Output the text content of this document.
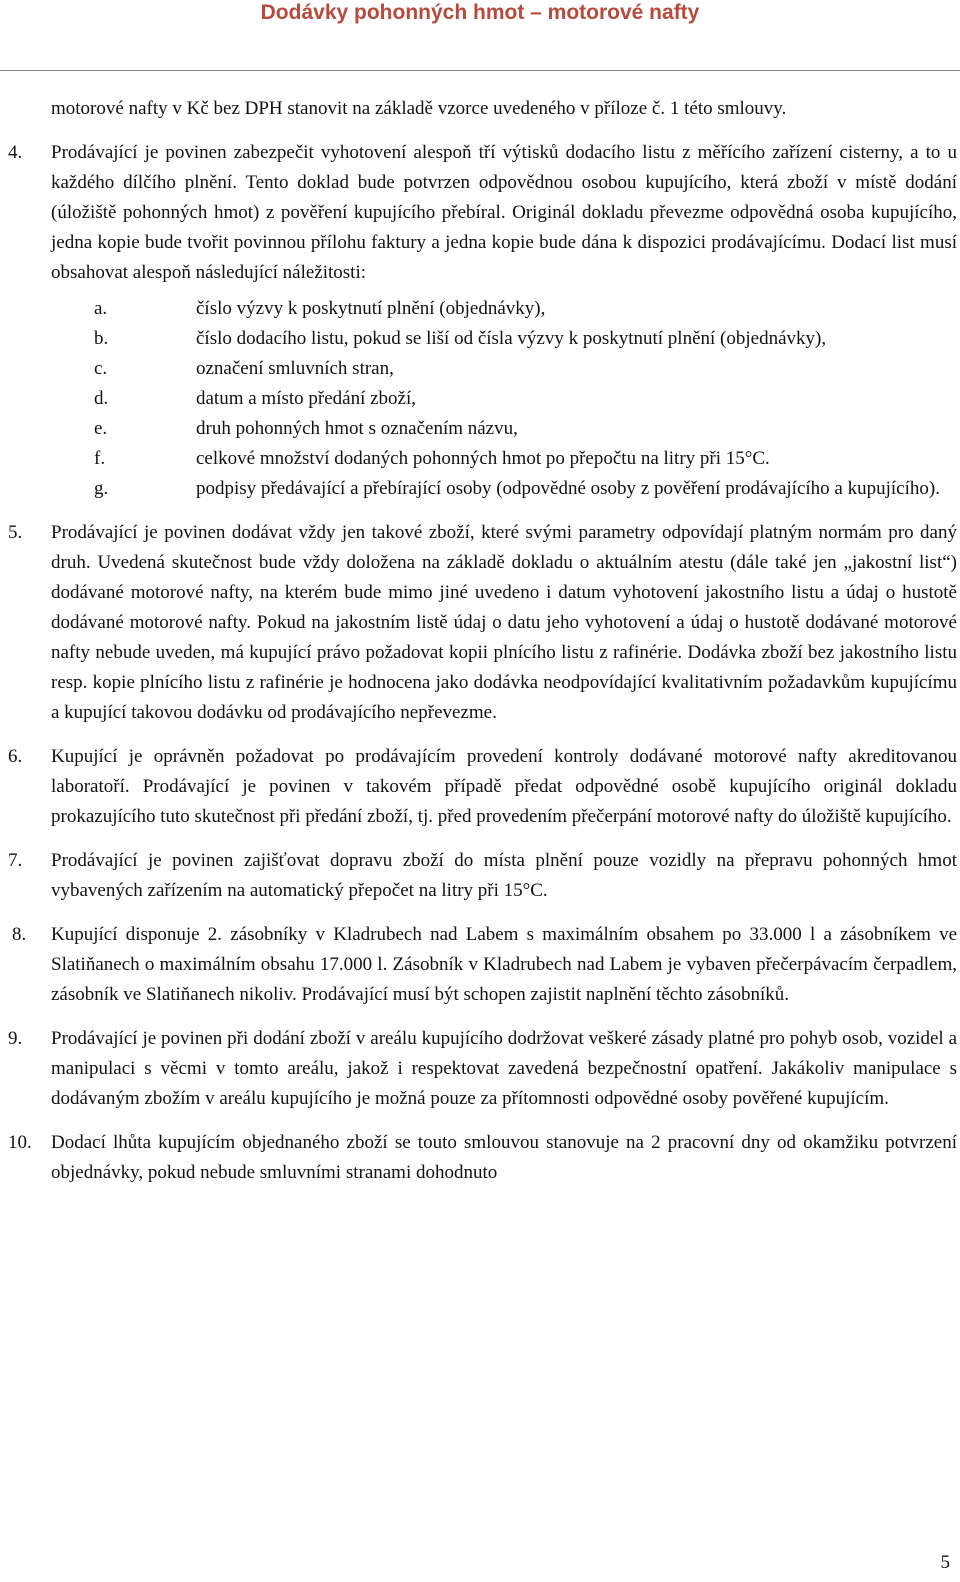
Dodávky pohonných hmot – motorové nafty

motorové nafty v Kč bez DPH stanovit na základě vzorce uvedeného v příloze č. 1 této smlouvy.

4. Prodávající je povinen zabezpečit vyhotovení alespoň tří výtisků dodacího listu z měřícího zařízení cisterny, a to u každého dílčího plnění. Tento doklad bude potvrzen odpovědnou osobou kupujícího, která zboží v místě dodání (úložiště pohonných hmot) z pověření kupujícího přebíral. Originál dokladu převezme odpovědná osoba kupujícího, jedna kopie bude tvořit povinnou přílohu faktury a jedna kopie bude dána k dispozici prodávajícímu. Dodací list musí obsahovat alespoň následující náležitosti:
a.	číslo výzvy k poskytnutí plnění (objednávky),
b.	číslo dodacího listu, pokud se liší od čísla výzvy k poskytnutí plnění (objednávky),
c.	označení smluvních stran,
d.	datum a místo předání zboží,
e.	druh pohonných hmot s označením názvu,
f.	celkové množství dodaných pohonných hmot po přepočtu na litry při 15°C.
g.	podpisy předávající a přebírající osoby (odpovědné osoby z pověření prodávajícího a kupujícího).
5. Prodávající je povinen dodávat vždy jen takové zboží, které svými parametry odpovídají platným normám pro daný druh. Uvedená skutečnost bude vždy doložena na základě dokladu o aktuálním atestu (dále také jen „jakostní list“) dodávané motorové nafty, na kterém bude mimo jiné uvedeno i datum vyhotovení jakostního listu a údaj o hustotě dodávané motorové nafty. Pokud na jakostním listě údaj o datu jeho vyhotovení a údaj o hustotě dodávané motorové nafty nebude uveden, má kupující právo požadovat kopii plnícího listu z rafinérie. Dodávka zboží bez jakostního listu resp. kopie plnícího listu z rafinérie je hodnocena jako dodávka neodpovídající kvalitativním požadavkům kupujícímu a kupující takovou dodávku od prodávajícího nepřevezme.
6. Kupující je oprávněn požadovat po prodávajícím provedení kontroly dodávané motorové nafty akreditovanou laboratoří. Prodávající je povinen v takovém případě předat odpovědné osobě kupujícího originál dokladu prokazujícího tuto skutečnost při předání zboží, tj. před provedením přečerpání motorové nafty do úložiště kupujícího.
7. Prodávající je povinen zajišťovat dopravu zboží do místa plnění pouze vozidly na přepravu pohonných hmot vybavených zařízením na automatický přepočet na litry při 15°C.
8. Kupující disponuje 2. zásobníky v Kladrubech nad Labem s maximálním obsahem po 33.000 l a zásobníkem ve Slatiňanech o maximálním obsahu 17.000 l. Zásobník v Kladrubech nad Labem je vybaven přečerpávacím čerpadlem, zásobník ve Slatiňanech nikoliv. Prodávající musí být schopen zajistit naplnění těchto zásobníků.
9. Prodávající je povinen při dodání zboží v areálu kupujícího dodržovat veškeré zásady platné pro pohyb osob, vozidel a manipulaci s věcmi v tomto areálu, jakož i respektovat zavedená bezpečnostní opatření. Jakákoliv manipulace s dodávaným zbožím v areálu kupujícího je možná pouze za přítomnosti odpovědné osoby pověřené kupujícím.
10. Dodací lhůta kupujícím objednaného zboží se touto smlouvou stanovuje na 2 pracovní dny od okamžiku potvrzení objednávky, pokud nebude smluvními stranami dohodnuto
5
